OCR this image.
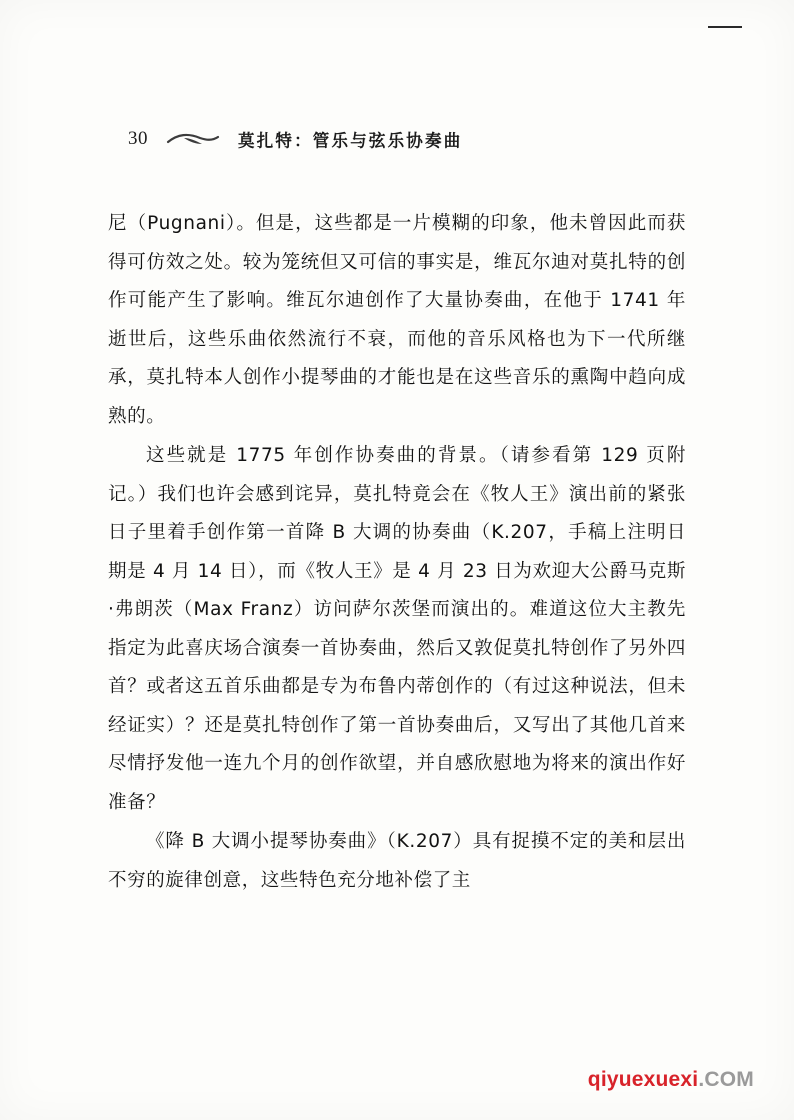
30	莫扎特：管乐与弦乐协奏曲

尼（Pugnani）。但是，这些都是一片模糊的印象，他未曾因此而获得可仿效之处。较为笼统但又可信的事实是，维瓦尔迪对莫扎特的创作可能产生了影响。维瓦尔迪创作了大量协奏曲，在他于 1741 年逝世后，这些乐曲依然流行不衰，而他的音乐风格也为下一代所继承，莫扎特本人创作小提琴曲的才能也是在这些音乐的熏陶中趋向成熟的。

这些就是 1775 年创作协奏曲的背景。（请参看第 129 页附记。）我们也许会感到诧异，莫扎特竟会在《牧人王》演出前的紧张日子里着手创作第一首降 B 大调的协奏曲（K.207，手稿上注明日期是 4 月 14 日），而《牧人王》是 4 月 23 日为欢迎大公爵马克斯·弗朗茨（Max Franz）访问萨尔茨堡而演出的。难道这位大主教先指定为此喜庆场合演奏一首协奏曲，然后又敦促莫扎特创作了另外四首？或者这五首乐曲都是专为布鲁内蒂创作的（有过这种说法，但未经证实）？还是莫扎特创作了第一首协奏曲后，又写出了其他几首来尽情抒发他一连九个月的创作欲望，并自感欣慰地为将来的演出作好准备？

《降 B 大调小提琴协奏曲》（K.207）具有捉摸不定的美和层出不穷的旋律创意，这些特色充分地补偿了主

qiyuexuexi.COM
